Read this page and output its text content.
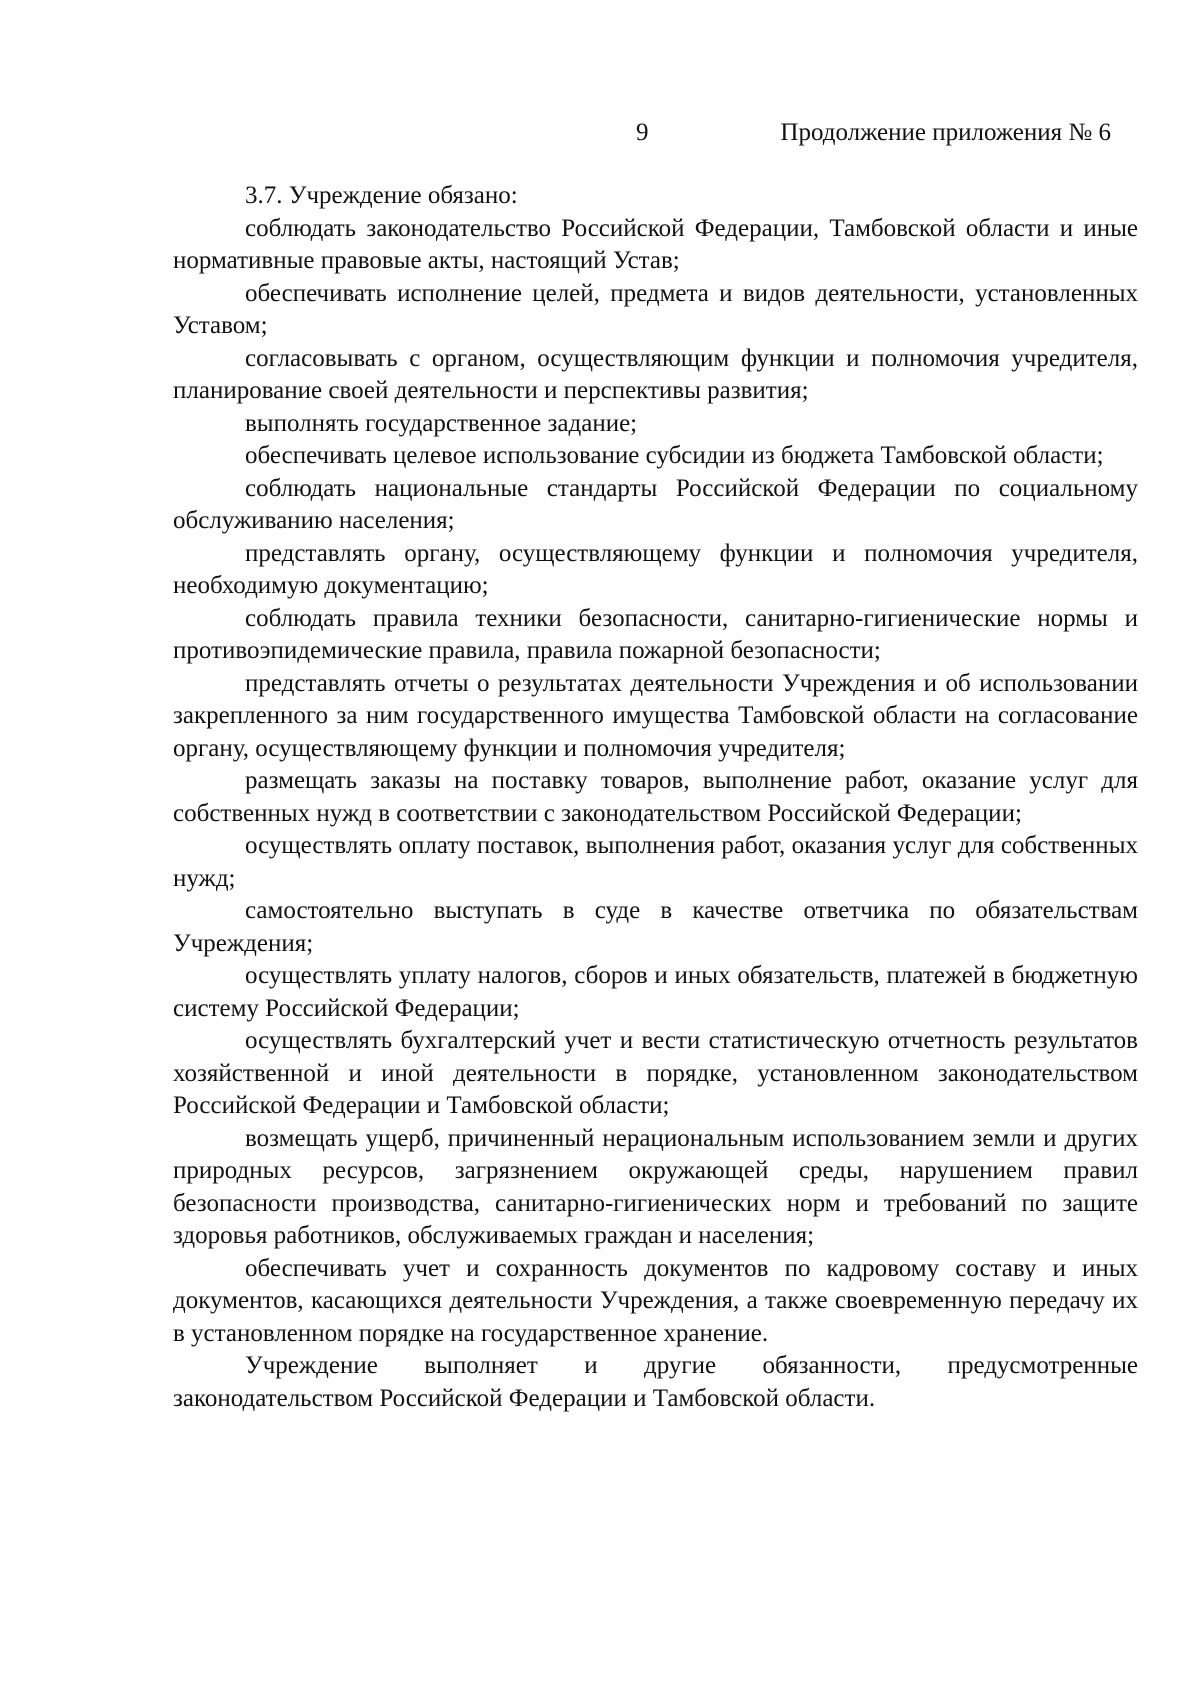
9	Продолжение приложения № 6

3.7. Учреждение обязано:

соблюдать законодательство Российской Федерации, Тамбовской области и иные нормативные правовые акты, настоящий Устав;

обеспечивать исполнение целей, предмета и видов деятельности, установленных Уставом;

согласовывать с органом, осуществляющим функции и полномочия учредителя, планирование своей деятельности и перспективы развития;

выполнять государственное задание;

обеспечивать целевое использование субсидии из бюджета Тамбовской области;

соблюдать национальные стандарты Российской Федерации по социальному обслуживанию населения;

представлять органу, осуществляющему функции и полномочия учредителя, необходимую документацию;

соблюдать правила техники безопасности, санитарно-гигиенические нормы и противоэпидемические правила, правила пожарной безопасности;

представлять отчеты о результатах деятельности Учреждения и об использовании закрепленного за ним государственного имущества Тамбовской области на согласование органу, осуществляющему функции и полномочия учредителя;

размещать заказы на поставку товаров, выполнение работ, оказание услуг для собственных нужд в соответствии с законодательством Российской Федерации;

осуществлять оплату поставок, выполнения работ, оказания услуг для собственных нужд;

самостоятельно выступать в суде в качестве ответчика по обязательствам Учреждения;

осуществлять уплату налогов, сборов и иных обязательств, платежей в бюджетную систему Российской Федерации;

осуществлять бухгалтерский учет и вести статистическую отчетность результатов хозяйственной и иной деятельности в порядке, установленном законодательством Российской Федерации и Тамбовской области;

возмещать ущерб, причиненный нерациональным использованием земли и других природных ресурсов, загрязнением окружающей среды, нарушением правил безопасности производства, санитарно-гигиенических норм и требований по защите здоровья работников, обслуживаемых граждан и населения;

обеспечивать учет и сохранность документов по кадровому составу и иных документов, касающихся деятельности Учреждения, а также своевременную передачу их в установленном порядке на государственное хранение.

Учреждение выполняет и другие обязанности, предусмотренные законодательством Российской Федерации и Тамбовской области.
